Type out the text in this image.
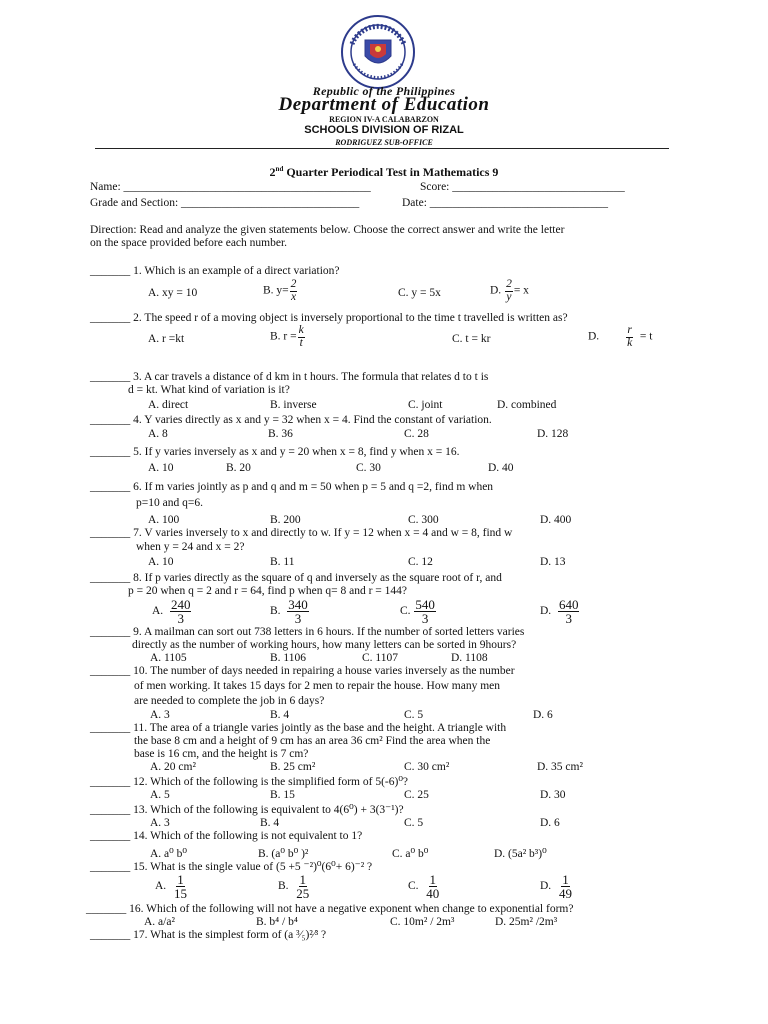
Republic of the Philippines
Department of Education
REGION IV-A CALABARZON
SCHOOLS DIVISION OF RIZAL
RODRIGUEZ SUB-OFFICE
2nd Quarter Periodical Test in Mathematics 9
Name: ___________________________________________	Score: ______________________________
Grade and Section: _______________________________	Date: _______________________________
Direction: Read and analyze the given statements below. Choose the correct answer and write the letter
on the space provided before each number.
_______ 1. Which is an example of a direct variation?
A. xy = 10	B. $y= \frac{2}{x}$	C. y = 5x	D. $\frac{2}{y} = x$
_______ 2. The speed r of a moving object is inversely proportional to the time t travelled is written as?
A. r =kt	B. $r = \frac{k}{t}$	C. t = kr	D. $\frac{r}{k} = t$
_______ 3. A car travels a distance of d km in t hours. The formula that relates d to t is
d = kt. What kind of variation is it?
A. direct	B. inverse	C. joint	D. combined
_______ 4. Y varies directly as x and y = 32 when x = 4. Find the constant of variation.
A. 8	B. 36	C. 28	D. 128
_______ 5. If y varies inversely as x and y = 20 when x = 8, find y when x = 16.
A. 10	B. 20	C. 30	D. 40
_______ 6. If m varies jointly as p and q and m = 50 when p = 5 and q =2, find m when
p=10 and q=6.
A. 100	B. 200	C. 300	D. 400
_______ 7. V varies inversely to x and directly to w. If y = 12 when x = 4 and w = 8, find w
when y = 24 and x = 2?
A. 10	B. 11	C. 12	D. 13
_______ 8. If p varies directly as the square of q and inversely as the square root of r, and
p = 20 when q = 2 and r = 64, find p when q= 8 and r = 144?
A. $\frac{240}{3}$	B. $\frac{340}{3}$	C. $\frac{540}{3}$	D. $\frac{640}{3}$
_______ 9. A mailman can sort out 738 letters in 6 hours. If the number of sorted letters varies
directly as the number of working hours, how many letters can be sorted in 9hours?
A. 1105	B. 1106	C. 1107	D. 1108
_______ 10. The number of days needed in repairing a house varies inversely as the number
of men working. It takes 15 days for 2 men to repair the house. How many men
are needed to complete the job in 6 days?
A. 3	B. 4	C. 5	D. 6
_______ 11. The area of a triangle varies jointly as the base and the height. A triangle with
the base 8 cm and a height of 9 cm has an area 36 cm² Find the area when the
base is 16 cm, and the height is 7 cm?
A. 20 cm²	B. 25 cm²	C. 30 cm²	D. 35 cm²
_______ 12. Which of the following is the simplified form of 5(-6)⁰?
A. 5	B. 15	C. 25	D. 30
_______ 13. Which of the following is equivalent to 4(6⁰) + 3(3⁻¹)?
A. 3	B. 4	C. 5	D. 6
_______ 14. Which of the following is not equivalent to 1?
A. a⁰ b⁰	B. (a⁰ b⁰ )²	C. a⁰ b⁰	D. (5a² b³)⁰
_______ 15. What is the single value of (5 +5 ⁻²)⁰(6⁰+ 6)⁻² ?
A. $\frac{1}{15}$	B. $\frac{1}{25}$	C. $\frac{1}{40}$	D. $\frac{1}{49}$
_______ 16. Which of the following will not have a negative exponent when change to exponential form?
A. a/a²	B. b⁴ / b⁴	C. 10m² / 2m³	D. 25m² /2m³
_______ 17. What is the simplest form of (a ³⁄₅)²⁄³ ?
